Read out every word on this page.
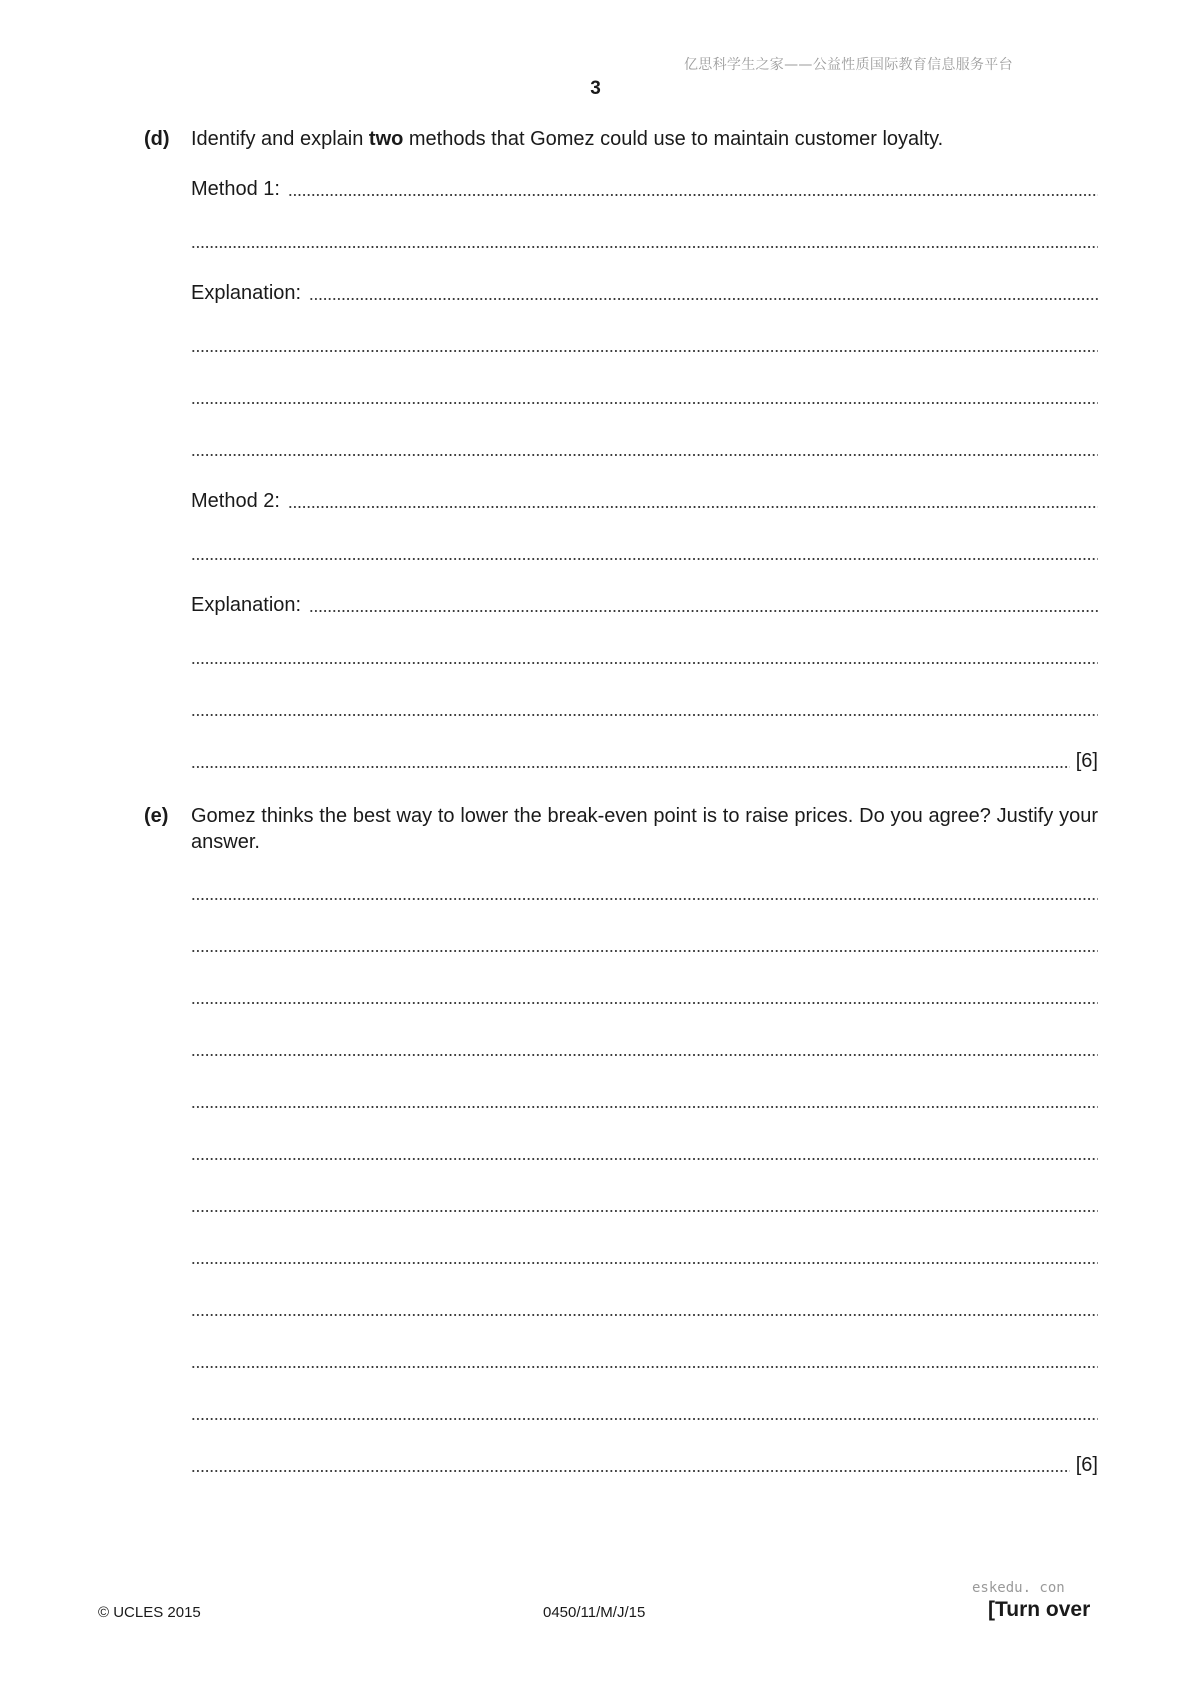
亿思科学生之家——公益性质国际教育信息服务平台
3
(d) Identify and explain two methods that Gomez could use to maintain customer loyalty.
Method 1:
Explanation:
Method 2:
Explanation:
[6]
(e) Gomez thinks the best way to lower the break-even point is to raise prices. Do you agree? Justify your answer.
[6]
© UCLES 2015	0450/11/M/J/15
eskedu. con
[Turn over
